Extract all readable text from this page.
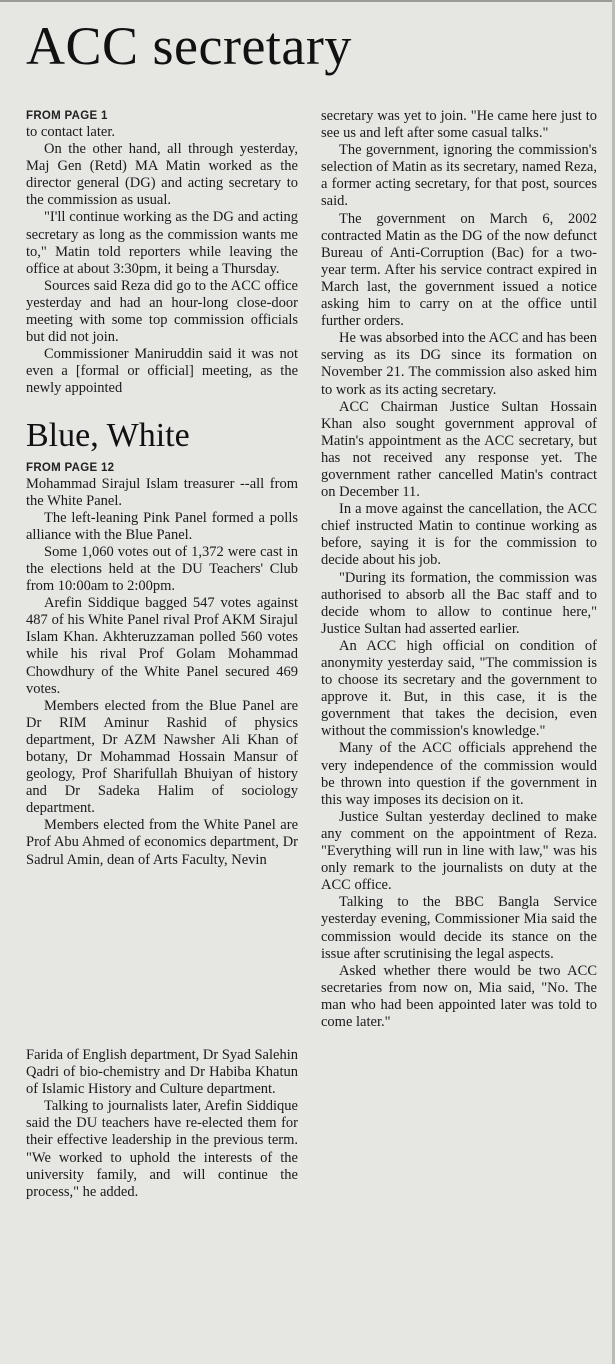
ACC secretary
FROM PAGE 1

to contact later.

On the other hand, all through yesterday, Maj Gen (Retd) MA Matin worked as the director general (DG) and acting secretary to the commission as usual.

"I'll continue working as the DG and acting secretary as long as the commission wants me to," Matin told reporters while leaving the office at about 3:30pm, it being a Thursday.

Sources said Reza did go to the ACC office yesterday and had an hour-long close-door meeting with some top commission officials but did not join.

Commissioner Maniruddin said it was not even a [formal or official] meeting, as the newly appointed

Blue, White
FROM PAGE 12

Mohammad Sirajul Islam treasurer --all from the White Panel.

The left-leaning Pink Panel formed a polls alliance with the Blue Panel.

Some 1,060 votes out of 1,372 were cast in the elections held at the DU Teachers' Club from 10:00am to 2:00pm.

Arefin Siddique bagged 547 votes against 487 of his White Panel rival Prof AKM Sirajul Islam Khan. Akhteruzzaman polled 560 votes while his rival Prof Golam Mohammad Chowdhury of the White Panel secured 469 votes.

Members elected from the Blue Panel are Dr RIM Aminur Rashid of physics department, Dr AZM Nawsher Ali Khan of botany, Dr Mohammad Hossain Mansur of geology, Prof Sharifullah Bhuiyan of history and Dr Sadeka Halim of sociology department.

Members elected from the White Panel are Prof Abu Ahmed of economics department, Dr Sadrul Amin, dean of Arts Faculty, Nevin

Farida of English department, Dr Syad Salehin Qadri of bio-chemistry and Dr Habiba Khatun of Islamic History and Culture department.

Talking to journalists later, Arefin Siddique said the DU teachers have re-elected them for their effective leadership in the previous term. "We worked to uphold the interests of the university family, and will continue the process," he added.

secretary was yet to join. "He came here just to see us and left after some casual talks."

The government, ignoring the commission's selection of Matin as its secretary, named Reza, a former acting secretary, for that post, sources said.

The government on March 6, 2002 contracted Matin as the DG of the now defunct Bureau of Anti-Corruption (Bac) for a two-year term. After his service contract expired in March last, the government issued a notice asking him to carry on at the office until further orders.

He was absorbed into the ACC and has been serving as its DG since its formation on November 21. The commission also asked him to work as its acting secretary.

ACC Chairman Justice Sultan Hossain Khan also sought government approval of Matin's appointment as the ACC secretary, but has not received any response yet. The government rather cancelled Matin's contract on December 11.

In a move against the cancellation, the ACC chief instructed Matin to continue working as before, saying it is for the commission to decide about his job.

"During its formation, the commission was authorised to absorb all the Bac staff and to decide whom to allow to continue here," Justice Sultan had asserted earlier.

An ACC high official on condition of anonymity yesterday said, "The commission is to choose its secretary and the government to approve it. But, in this case, it is the government that takes the decision, even without the commission's knowledge."

Many of the ACC officials apprehend the very independence of the commission would be thrown into question if the government in this way imposes its decision on it.

Justice Sultan yesterday declined to make any comment on the appointment of Reza. "Everything will run in line with law," was his only remark to the journalists on duty at the ACC office.

Talking to the BBC Bangla Service yesterday evening, Commissioner Mia said the commission would decide its stance on the issue after scrutinising the legal aspects.

Asked whether there would be two ACC secretaries from now on, Mia said, "No. The man who had been appointed later was told to come later."
